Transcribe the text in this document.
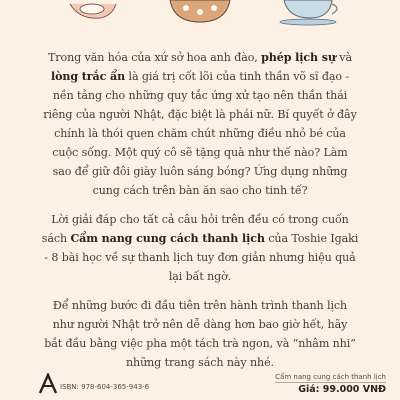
Trong văn hóa của xứ sở hoa anh đào, phép lịch sự và
lòng trắc ẩn là giá trị cốt lõi của tinh thần võ sĩ đạo -
nền tảng cho những quy tắc ứng xử tạo nên thần thái
riêng của người Nhật, đặc biệt là phái nữ. Bí quyết ở đây
chính là thói quen chăm chút những điều nhỏ bé của
cuộc sống. Một quý cô sẽ tặng quà như thế nào? Làm
sao để giữ đôi giày luôn sáng bóng? Ứng dụng những
cung cách trên bàn ăn sao cho tinh tế?
Lời giải đáp cho tất cả câu hỏi trên đều có trong cuốn
sách Cẩm nang cung cách thanh lịch của Toshie Igaki
- 8 bài học về sự thanh lịch tuy đơn giản nhưng hiệu quả
lại bất ngờ.
Để những bước đi đầu tiên trên hành trình thanh lịch
như người Nhật trở nên dễ dàng hơn bao giờ hết, hãy
bắt đầu bằng việc pha một tách trà ngon, và “nhâm nhi”
những trang sách này nhé.
ISBN: 978-604-365-943-6
Cẩm nang cung cách thanh lịch
Giá: 99.000 VNĐ
